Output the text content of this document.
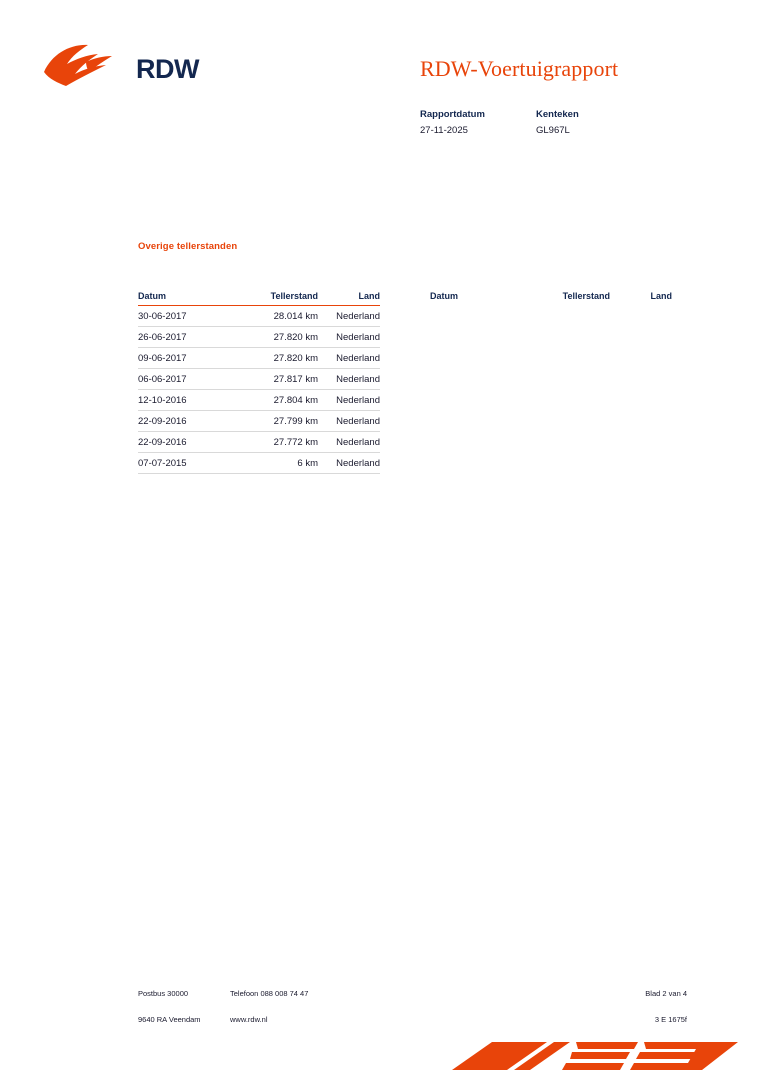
RDW	RDW-Voertuigrapport
Rapportdatum	Kenteken
27-11-2025	GL967L
Overige tellerstanden
Datum	Tellerstand	Land
30-06-2017	28.014 km	Nederland
26-06-2017	27.820 km	Nederland
09-06-2017	27.820 km	Nederland
06-06-2017	27.817 km	Nederland
12-10-2016	27.804 km	Nederland
22-09-2016	27.799 km	Nederland
22-09-2016	27.772 km	Nederland
07-07-2015	6 km	Nederland
Datum	Tellerstand	Land
Postbus 30000
9640 RA Veendam
Telefoon 088 008 74 47
www.rdw.nl
Blad 2 van 4
3 E 1675f
